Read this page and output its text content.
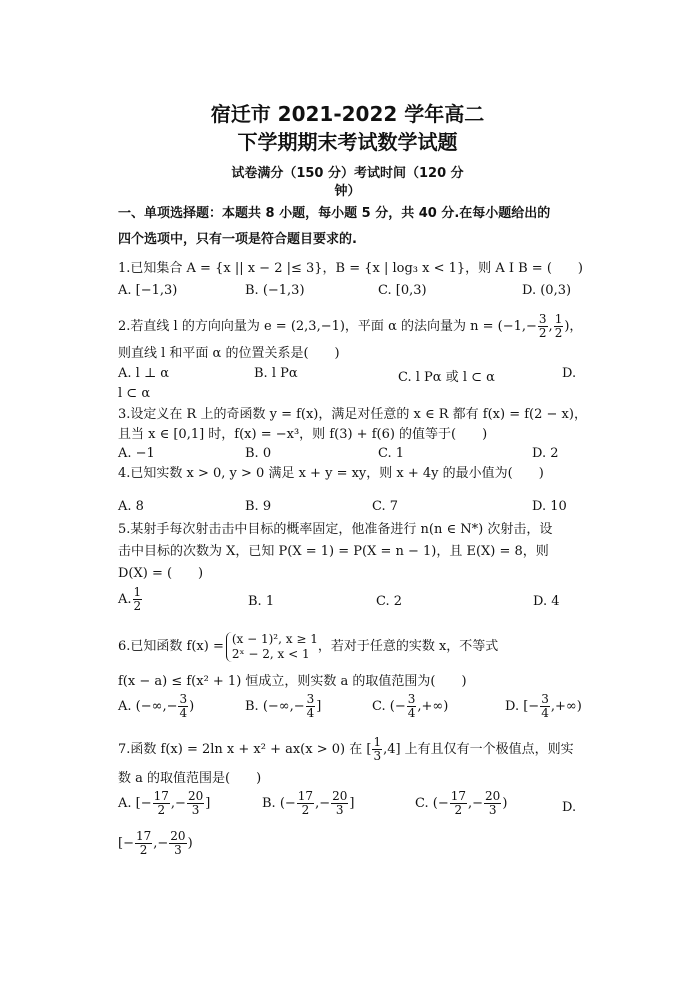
宿迁市 2021-2022 学年高二
下学期期末考试数学试题
试卷满分（150 分）考试时间（120 分
钟）
一、单项选择题：本题共 8 小题，每小题 5 分，共 40 分.在每小题给出的
四个选项中，只有一项是符合题目要求的.
1.已知集合 A = {x || x − 2 |≤ 3}，B = {x | log₃ x < 1}，则 A I B = (　　)
A. [−1,3)	B. (−1,3)	C. [0,3)	D. (0,3)
2.若直线 l 的方向向量为 e = (2,3,−1)，平面 α 的法向量为 $n = (-1,- \frac{3}{2}$ , $\frac{1}{2}$ )，
则直线 l 和平面 α 的位置关系是(　　)
A. l ⊥ α	B. l Pα	C. l Pα 或 l ⊂ α	D.
l ⊂ α
3.设定义在 R 上的奇函数 y = f(x)，满足对任意的 x ∈ R 都有 f(x) = f(2 − x)，
且当 x ∈ [0,1] 时，f(x) = −x³，则 f(3) + f(6) 的值等于(　　)
A. −1	B. 0	C. 1	D. 2
4.已知实数 x > 0, y > 0 满足 x + y = xy，则 x + 4y 的最小值为(　　)
A. 8	B. 9	C. 7	D. 10
5.某射手每次射击击中目标的概率固定，他准备进行 n(n ∈ N*) 次射击，设
击中目标的次数为 X，已知 P(X = 1) = P(X = n − 1)，且 E(X) = 8，则
D(X) = (　　)
A. $\frac{1}{2}$	B. 1	C. 2	D. 4
6.已知函数 f(x) =
(x − 1)², x ≥ 1
2ˣ − 2, x < 1 ，若对于任意的实数 x，不等式
f(x − a) ≤ f(x² + 1) 恒成立，则实数 a 的取值范围为(　　)
A. (−∞,− $\frac{3}{4}$ )	B. (−∞,− $\frac{3}{4}$ ]	C. (− $\frac{3}{4}$ ,+∞)	D. [− $\frac{3}{4}$ ,+∞)
7.函数 f(x) = 2ln x + x² + ax(x > 0) 在 [ $\frac{1}{3} ,4$] 上有且仅有一个极值点，则实
数 a 的取值范围是(　　)
A. [− $\frac{17}{2}$ ,− $\frac{20}{3}$ ]	B. (− $\frac{17}{2}$ ,− $\frac{20}{3}$ ]	C. (− $\frac{17}{2}$ ,− $\frac{20}{3}$ )	D.
[− $\frac{17}{2}$ ,− $\frac{20}{3}$ )
